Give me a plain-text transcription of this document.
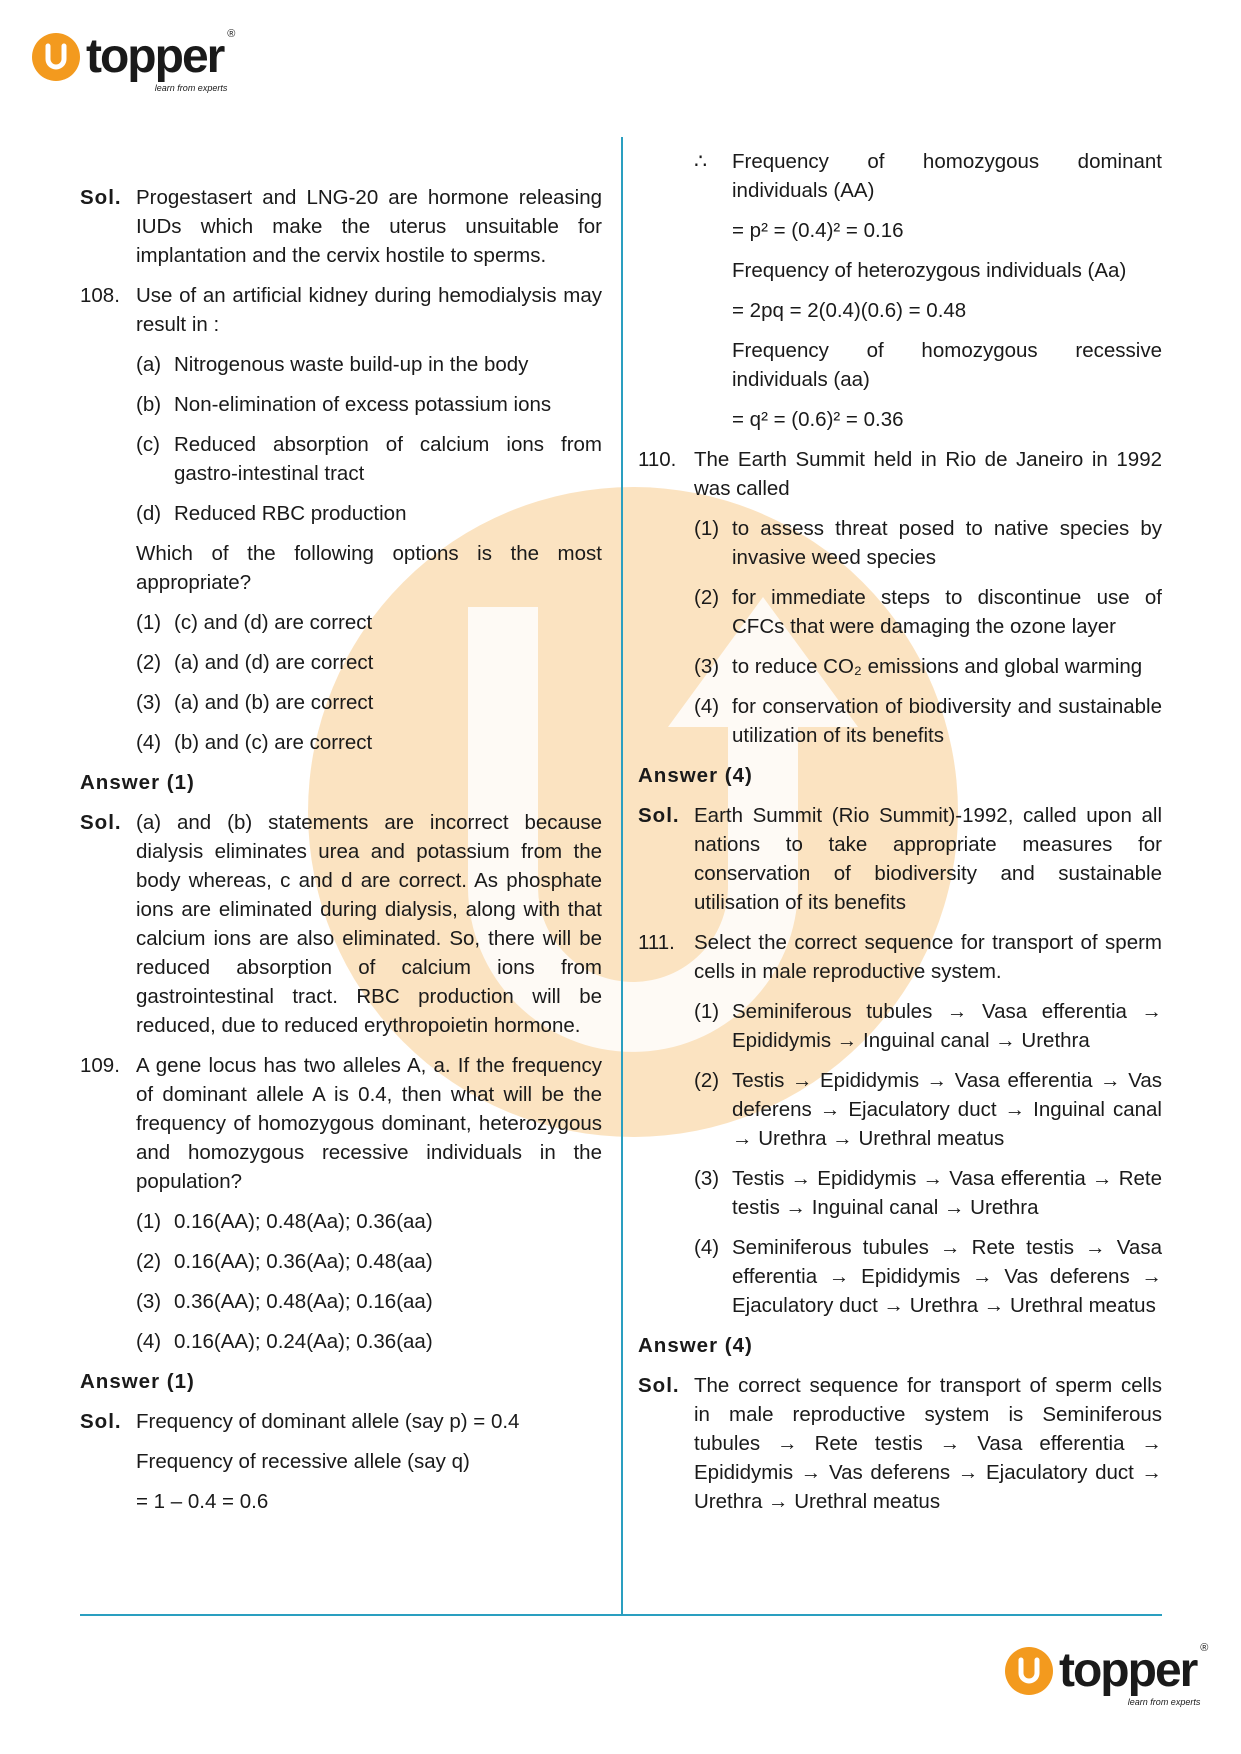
topper ®
learn from experts
Sol. Progestasert and LNG-20 are hormone releasing IUDs which make the uterus unsuitable for implantation and the cervix hostile to sperms.
108. Use of an artificial kidney during hemodialysis may result in :
(a) Nitrogenous waste build-up in the body
(b) Non-elimination of excess potassium ions
(c) Reduced absorption of calcium ions from gastro-intestinal tract
(d) Reduced RBC production
Which of the following options is the most appropriate?
(1) (c) and (d) are correct
(2) (a) and (d) are correct
(3) (a) and (b) are correct
(4) (b) and (c) are correct
Answer (1)
Sol. (a) and (b) statements are incorrect because dialysis eliminates urea and potassium from the body whereas, c and d are correct. As phosphate ions are eliminated during dialysis, along with that calcium ions are also eliminated. So, there will be reduced absorption of calcium ions from gastrointestinal tract. RBC production will be reduced, due to reduced erythropoietin hormone.
109. A gene locus has two alleles A, a. If the frequency of dominant allele A is 0.4, then what will be the frequency of homozygous dominant, heterozygous and homozygous recessive individuals in the population?
(1) 0.16(AA); 0.48(Aa); 0.36(aa)
(2) 0.16(AA); 0.36(Aa); 0.48(aa)
(3) 0.36(AA); 0.48(Aa); 0.16(aa)
(4) 0.16(AA); 0.24(Aa); 0.36(aa)
Answer (1)
Sol. Frequency of dominant allele (say p) = 0.4
Frequency of recessive allele (say q)
= 1 – 0.4 = 0.6
∴	Frequency of homozygous dominant individuals (AA)
= p² = (0.4)² = 0.16
Frequency of heterozygous individuals (Aa)
= 2pq = 2(0.4)(0.6) = 0.48
Frequency of homozygous recessive individuals (aa)
= q² = (0.6)² = 0.36
110. The Earth Summit held in Rio de Janeiro in 1992 was called
(1) to assess threat posed to native species by invasive weed species
(2) for immediate steps to discontinue use of CFCs that were damaging the ozone layer
(3) to reduce CO₂ emissions and global warming
(4) for conservation of biodiversity and sustainable utilization of its benefits
Answer (4)
Sol. Earth Summit (Rio Summit)-1992, called upon all nations to take appropriate measures for conservation of biodiversity and sustainable utilisation of its benefits
111. Select the correct sequence for transport of sperm cells in male reproductive system.
(1) Seminiferous tubules → Vasa efferentia → Epididymis → Inguinal canal → Urethra
(2) Testis → Epididymis → Vasa efferentia → Vas deferens → Ejaculatory duct → Inguinal canal → Urethra → Urethral meatus
(3) Testis → Epididymis → Vasa efferentia → Rete testis → Inguinal canal → Urethra
(4) Seminiferous tubules → Rete testis → Vasa efferentia → Epididymis → Vas deferens → Ejaculatory duct → Urethra → Urethral meatus
Answer (4)
Sol. The correct sequence for transport of sperm cells in male reproductive system is Seminiferous tubules → Rete testis → Vasa efferentia → Epididymis → Vas deferens → Ejaculatory duct → Urethra → Urethral meatus
topper ®
learn from experts
